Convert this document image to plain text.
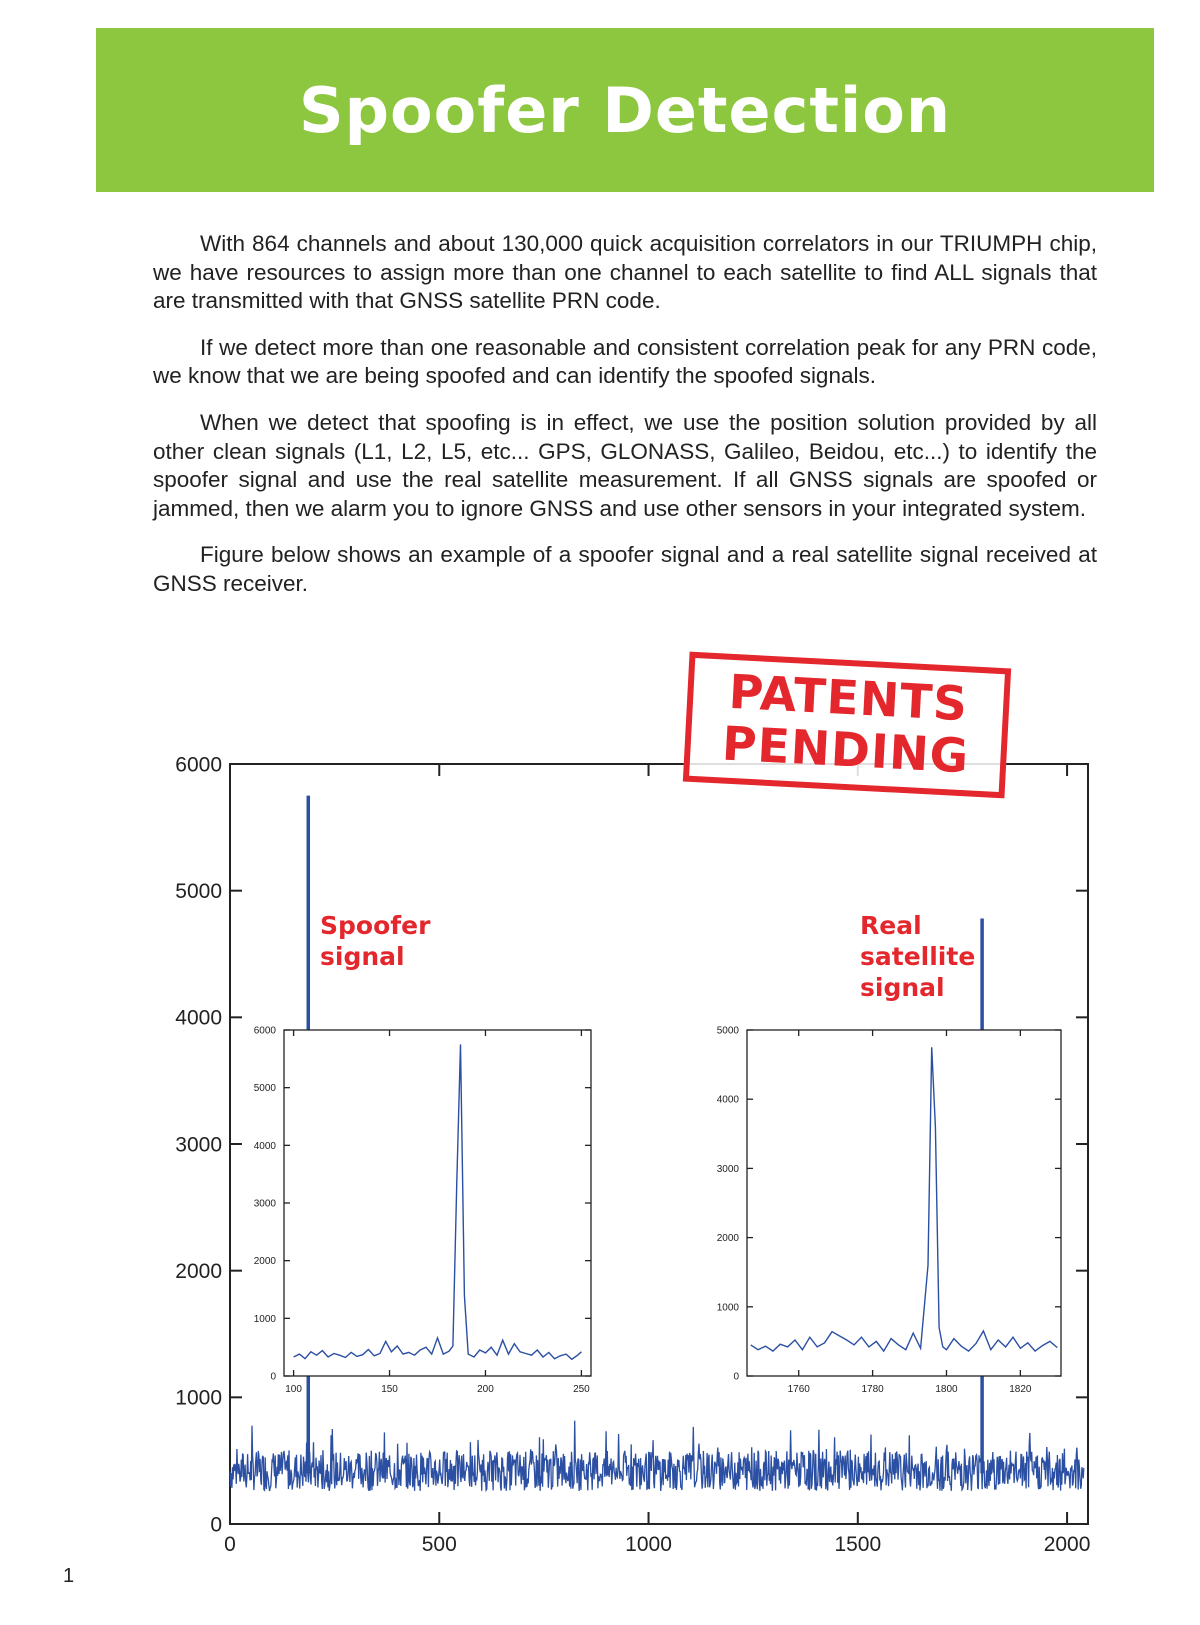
Spoofer Detection

With 864 channels and about 130,000 quick acquisition correlators in our TRIUMPH chip, we have resources to assign more than one channel to each satellite to find ALL signals that are transmitted with that GNSS satellite PRN code.

If we detect more than one reasonable and consistent correlation peak for any PRN code, we know that we are being spoofed and can identify the spoofed signals.

When we detect that spoofing is in effect, we use the position solution provided by all other clean signals (L1, L2, L5, etc... GPS, GLONASS, Galileo, Beidou, etc...) to identify the spoofer signal and use the real satellite measurement. If all GNSS signals are spoofed or jammed, then we alarm you to ignore GNSS and use other sensors in your integrated system.

Figure below shows an example of a spoofer signal and a real satellite signal received at GNSS receiver.

0	500	1000	1500	2000
0
1000
2000
3000
4000
5000
6000
100	150	200	250
0
1000
2000
3000
4000
5000
6000
1760	1780	1800	1820
0
1000
2000
3000
4000
5000
Spoofer
signal
Real
satellite
signal
PATENTS
PENDING
1
